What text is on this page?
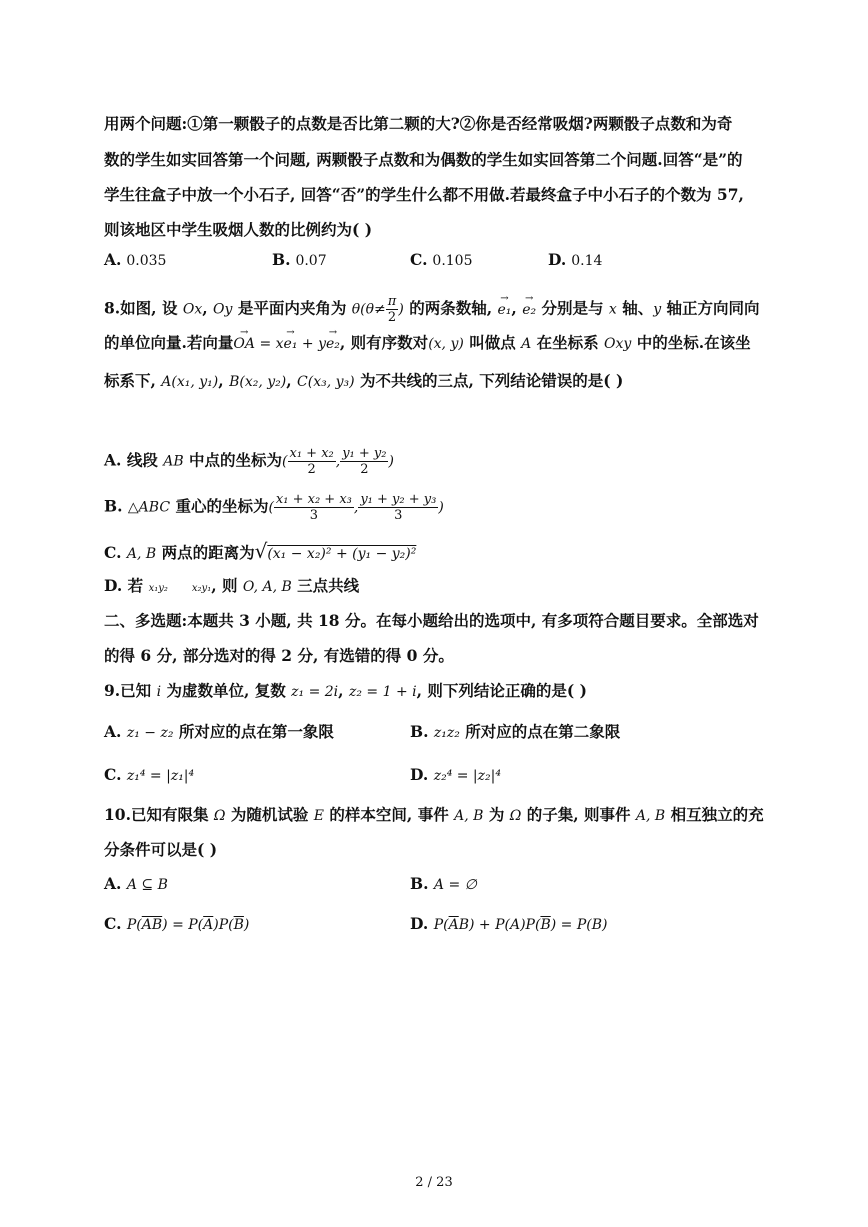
用两个问题:①第一颗骰子的点数是否比第二颗的大?②你是否经常吸烟?两颗骰子点数和为奇
数的学生如实回答第一个问题, 两颗骰子点数和为偶数的学生如实回答第二个问题.回答“是”的
学生往盒子中放一个小石子, 回答“否”的学生什么都不用做.若最终盒子中小石子的个数为 57,
则该地区中学生吸烟人数的比例约为( )
A. 0.035	B. 0.07	C. 0.105	D. 0.14
8.如图, 设 Ox, Oy 是平面内夹角为 $\theta(\theta\ne \frac{\pi}{2}$ ) 的两条数轴, → e₁, → e₂ 分别是与 x 轴、y 轴正方向同向
的单位向量.若向量→ OA = x→ e₁ + y→ e₂, 则有序数对(x, y) 叫做点 A 在坐标系 Oxy 中的坐标.在该坐
标系下, A(x₁, y₁), B(x₂, y₂), C(x₃, y₃) 为不共线的三点, 下列结论错误的是( )
A. 线段 AB 中点的坐标为( $\frac{\text{x₁ + x₂}}{2}$ , $\frac{\text{y₁ + y₂}}{2}$ )
B. △ABC 重心的坐标为( $\frac{\text{x₁ + x₂ + x₃}}{3}$ , $\frac{\text{y₁ + y₂ + y₃}}{3}$ )
C. A, B 两点的距离为√(x₁ − x₂)² + (y₁ − y₂)²
D. 若 x₁y₂ x₂y₁, 则 O, A, B 三点共线
二、多选题:本题共 3 小题, 共 18 分。在每小题给出的选项中, 有多项符合题目要求。全部选对
的得 6 分, 部分选对的得 2 分, 有选错的得 0 分。
9.已知 i 为虚数单位, 复数 z₁ = 2i, z₂ = 1 + i, 则下列结论正确的是( )
A. z₁ − z₂ 所对应的点在第一象限	B. z₁z₂ 所对应的点在第二象限
C. z₁⁴ = |z₁|⁴	D. z₂⁴ = |z₂|⁴
10.已知有限集 Ω 为随机试验 E 的样本空间, 事件 A, B 为 Ω 的子集, 则事件 A, B 相互独立的充
分条件可以是( )
A. A ⊆ B	B. A = ∅
C. $P(\overline{AB}) = P(\overline{A})P(\overline{B})$	D. $P(\overline{A}B) + P(A)P(\overline{B}) = P(B)$
2 / 23
